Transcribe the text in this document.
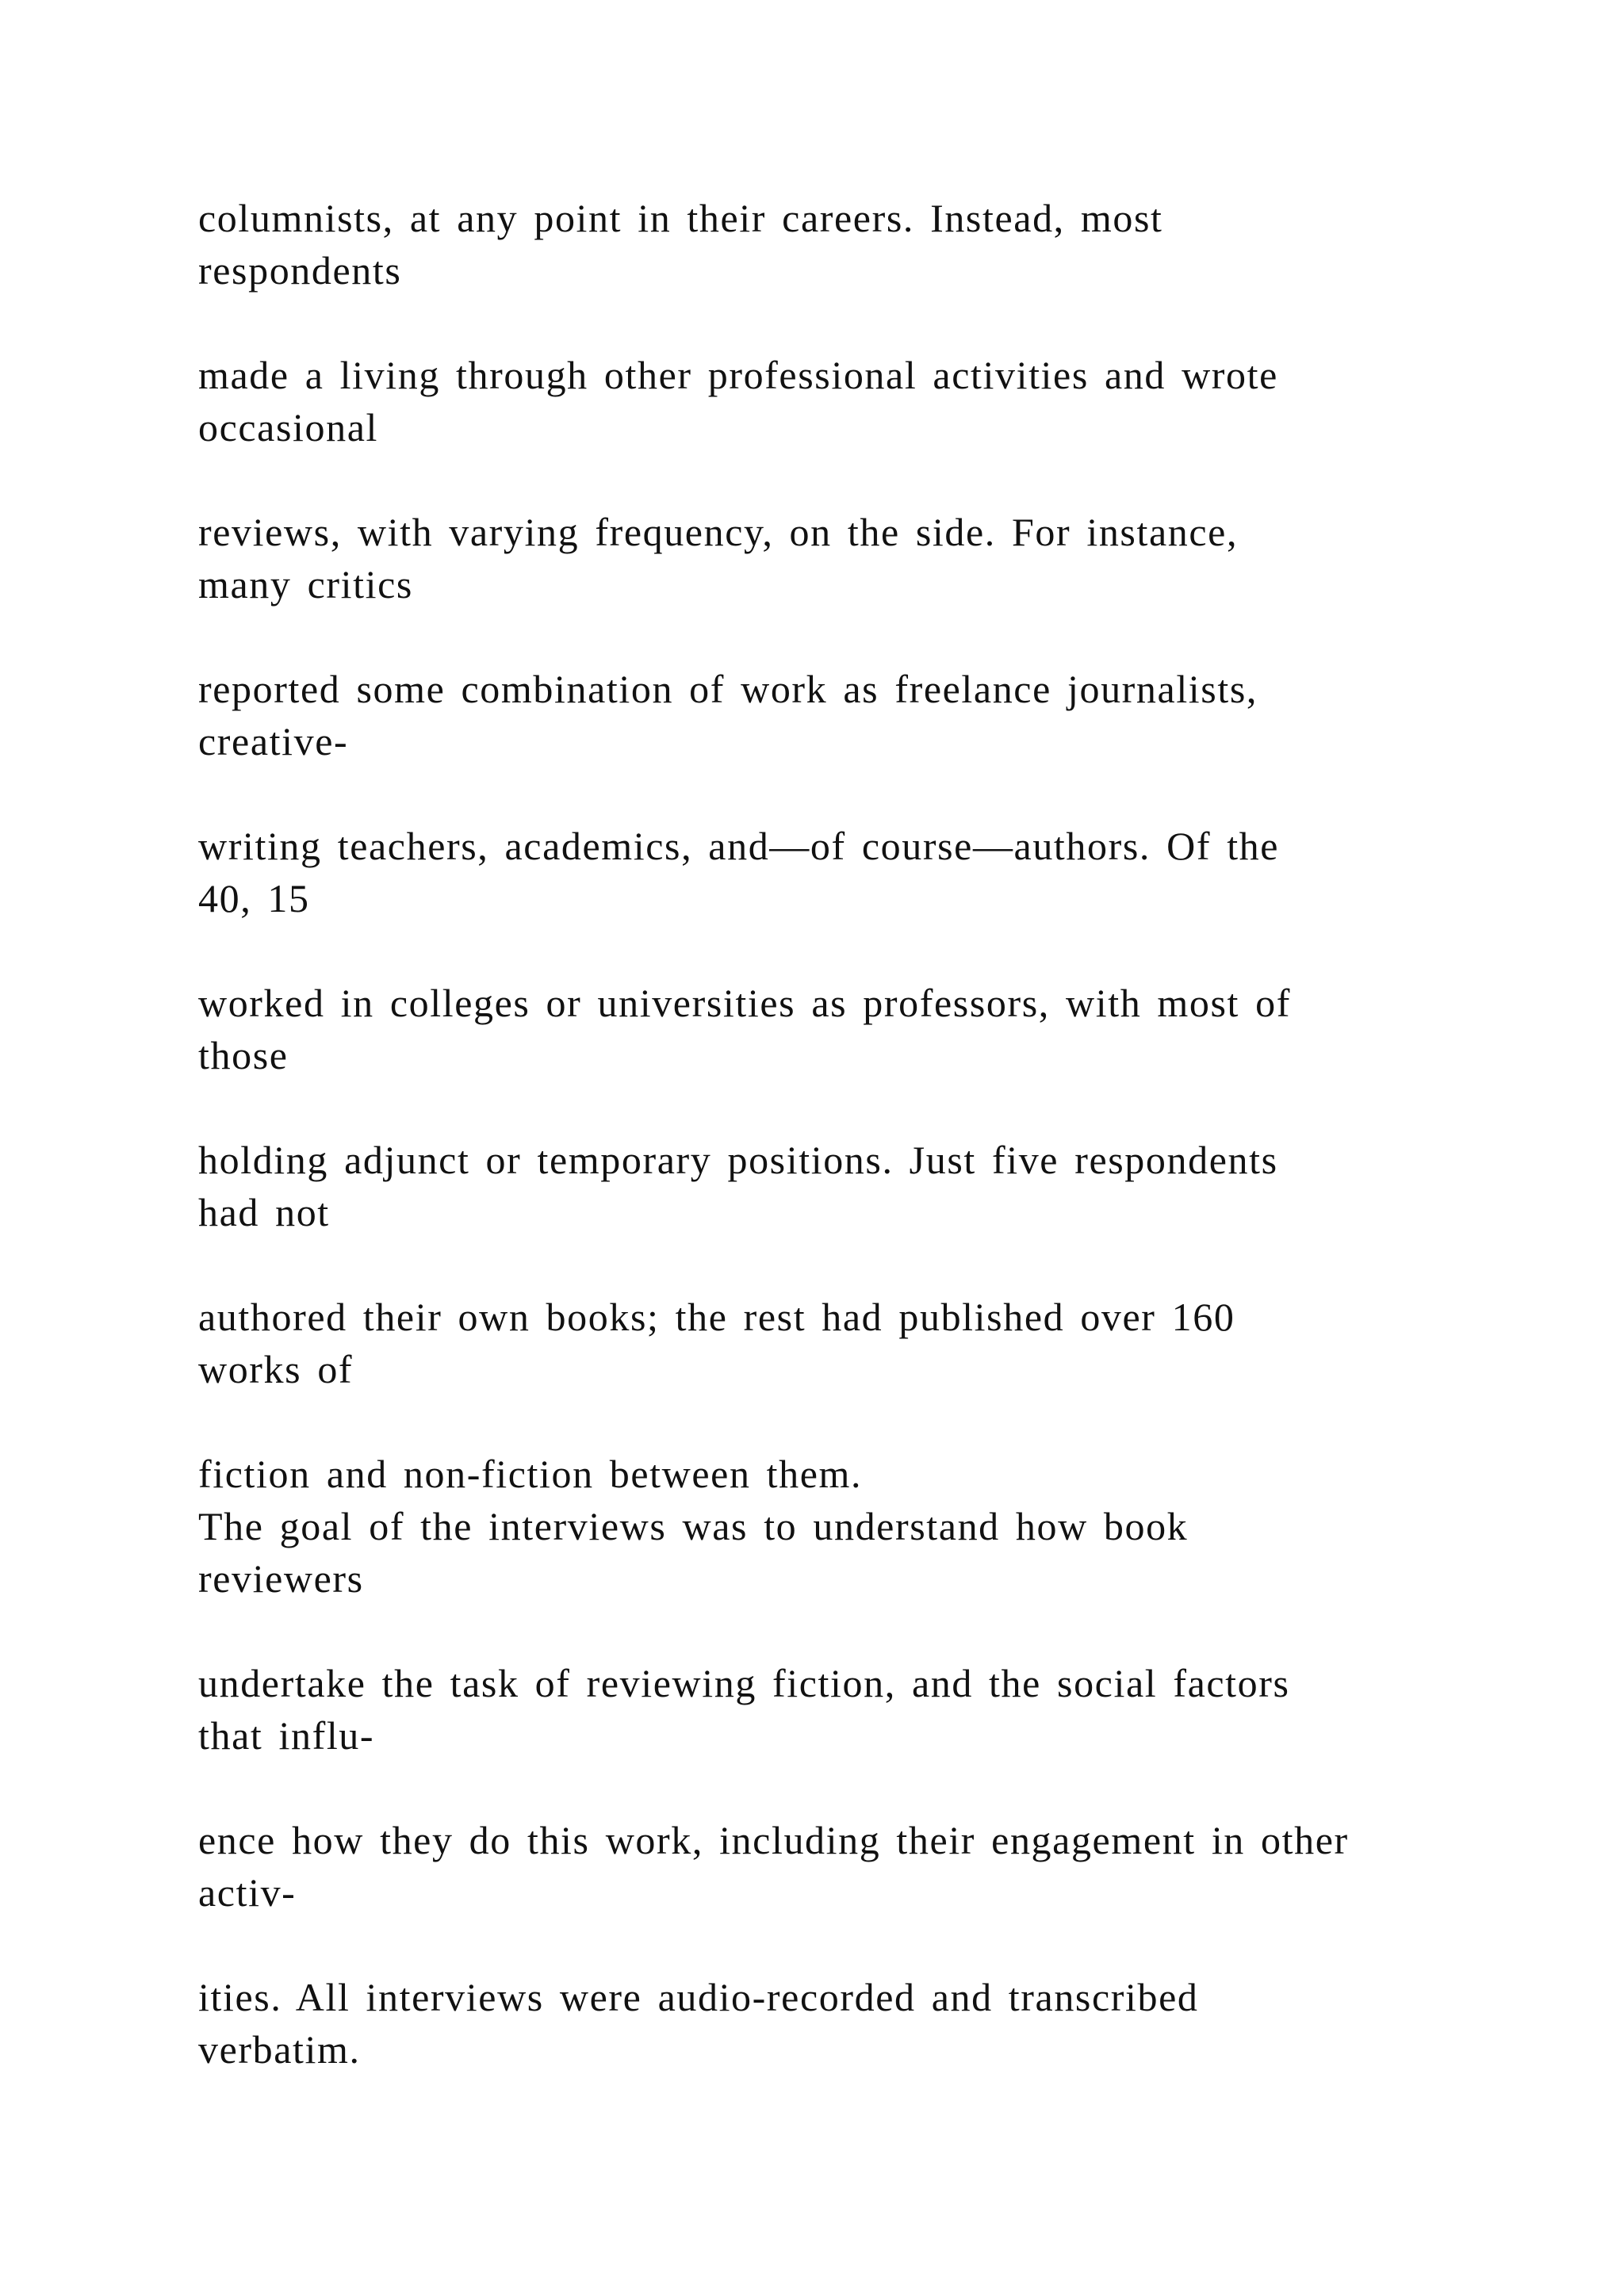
columnists, at any point in their careers. Instead, most
respondents
made a living through other professional activities and wrote
occasional
reviews, with varying frequency, on the side. For instance,
many critics
reported some combination of work as freelance journalists,
creative-
writing teachers, academics, and—of course—authors. Of the
40, 15
worked in colleges or universities as professors, with most of
those
holding adjunct or temporary positions. Just five respondents
had not
authored their own books; the rest had published over 160
works of
fiction and non-fiction between them.
The goal of the interviews was to understand how book
reviewers
undertake the task of reviewing fiction, and the social factors
that influ-
ence how they do this work, including their engagement in other
activ-
ities. All interviews were audio-recorded and transcribed
verbatim.
